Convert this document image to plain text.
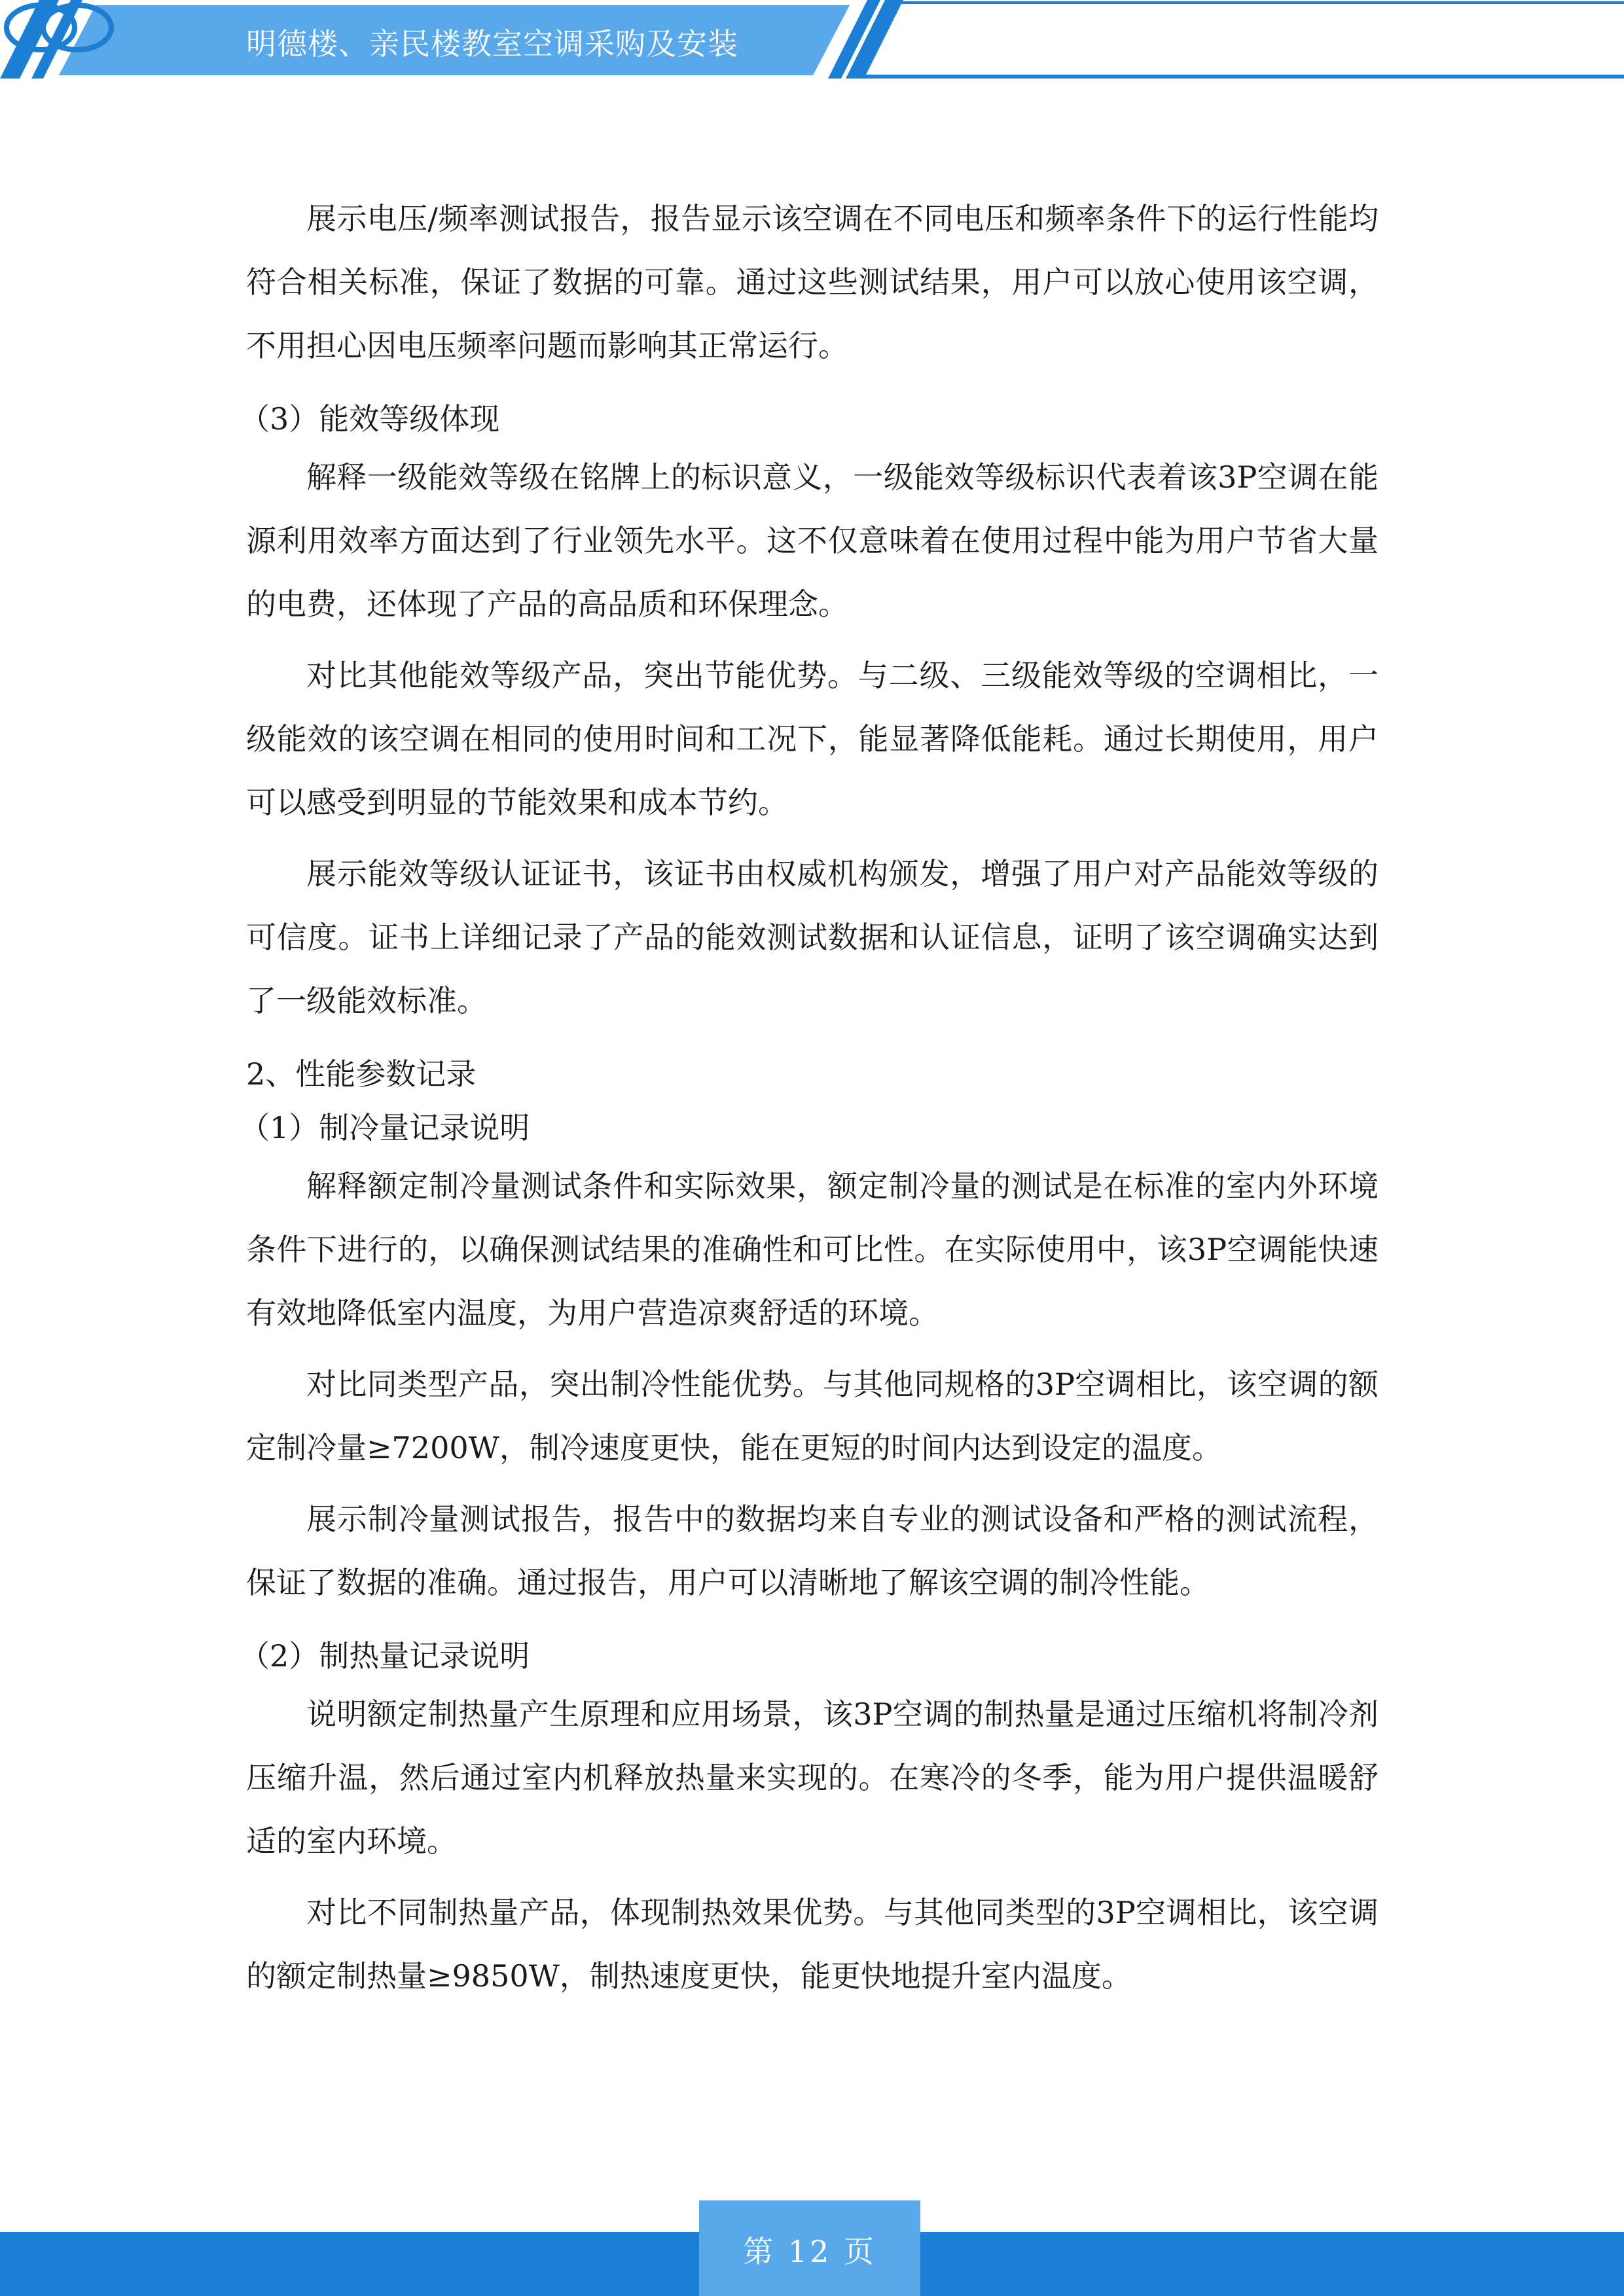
明德楼、亲民楼教室空调采购及安装

展示电压/频率测试报告，报告显示该空调在不同电压和频率条件下的运行性能均符合相关标准，保证了数据的可靠。通过这些测试结果，用户可以放心使用该空调，不用担心因电压频率问题而影响其正常运行。

（3）能效等级体现

解释一级能效等级在铭牌上的标识意义，一级能效等级标识代表着该3P空调在能源利用效率方面达到了行业领先水平。这不仅意味着在使用过程中能为用户节省大量的电费，还体现了产品的高品质和环保理念。

对比其他能效等级产品，突出节能优势。与二级、三级能效等级的空调相比，一级能效的该空调在相同的使用时间和工况下，能显著降低能耗。通过长期使用，用户可以感受到明显的节能效果和成本节约。

展示能效等级认证证书，该证书由权威机构颁发，增强了用户对产品能效等级的可信度。证书上详细记录了产品的能效测试数据和认证信息，证明了该空调确实达到了一级能效标准。

2、性能参数记录

（1）制冷量记录说明

解释额定制冷量测试条件和实际效果，额定制冷量的测试是在标准的室内外环境条件下进行的，以确保测试结果的准确性和可比性。在实际使用中，该3P空调能快速有效地降低室内温度，为用户营造凉爽舒适的环境。

对比同类型产品，突出制冷性能优势。与其他同规格的3P空调相比，该空调的额定制冷量≥7200W，制冷速度更快，能在更短的时间内达到设定的温度。

展示制冷量测试报告，报告中的数据均来自专业的测试设备和严格的测试流程，保证了数据的准确。通过报告，用户可以清晰地了解该空调的制冷性能。

（2）制热量记录说明

说明额定制热量产生原理和应用场景，该3P空调的制热量是通过压缩机将制冷剂压缩升温，然后通过室内机释放热量来实现的。在寒冷的冬季，能为用户提供温暖舒适的室内环境。

对比不同制热量产品，体现制热效果优势。与其他同类型的3P空调相比，该空调的额定制热量≥9850W，制热速度更快，能更快地提升室内温度。

第 12 页
